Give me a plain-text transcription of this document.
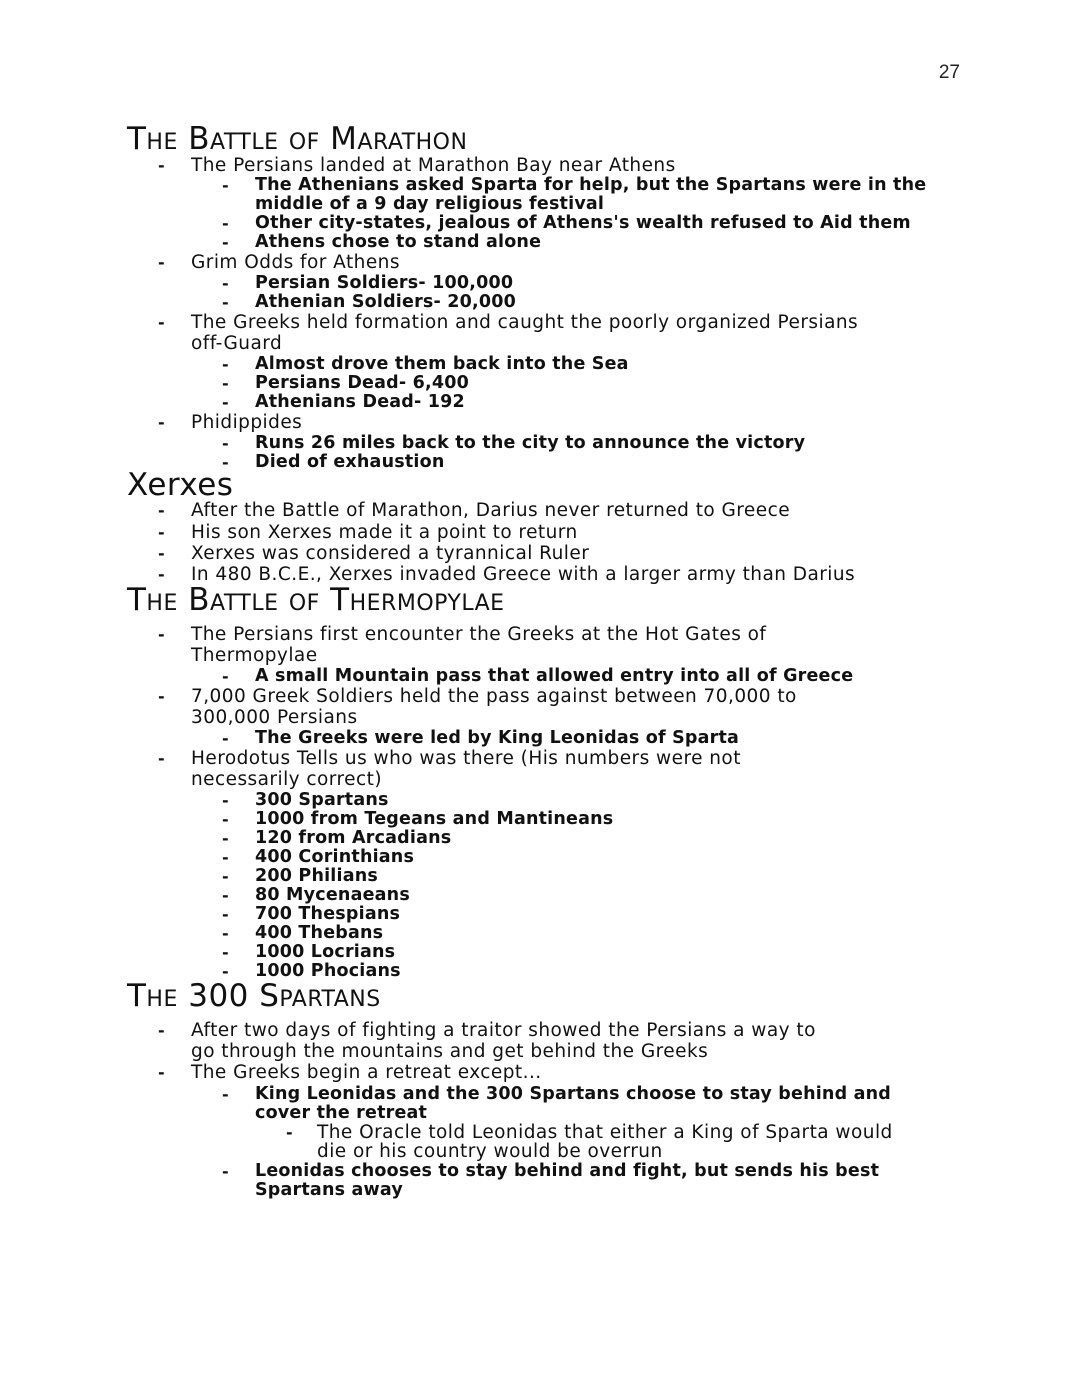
27
The Battle of Marathon
- The Persians landed at Marathon Bay near Athens
- The Athenians asked Sparta for help, but the Spartans were in the
middle of a 9 day religious festival
- Other city-states, jealous of Athens's wealth refused to Aid them
- Athens chose to stand alone
- Grim Odds for Athens
- Persian Soldiers- 100,000
- Athenian Soldiers- 20,000
- The Greeks held formation and caught the poorly organized Persians
off-Guard
- Almost drove them back into the Sea
- Persians Dead- 6,400
- Athenians Dead- 192
- Phidippides
- Runs 26 miles back to the city to announce the victory
- Died of exhaustion
Xerxes
- After the Battle of Marathon, Darius never returned to Greece
- His son Xerxes made it a point to return
- Xerxes was considered a tyrannical Ruler
- In 480 B.C.E., Xerxes invaded Greece with a larger army than Darius
The Battle of Thermopylae
- The Persians first encounter the Greeks at the Hot Gates of
Thermopylae
- A small Mountain pass that allowed entry into all of Greece
- 7,000 Greek Soldiers held the pass against between 70,000 to
300,000 Persians
- The Greeks were led by King Leonidas of Sparta
- Herodotus Tells us who was there (His numbers were not
necessarily correct)
- 300 Spartans
- 1000 from Tegeans and Mantineans
- 120 from Arcadians
- 400 Corinthians
- 200 Philians
- 80 Mycenaeans
- 700 Thespians
- 400 Thebans
- 1000 Locrians
- 1000 Phocians
The 300 Spartans
- After two days of fighting a traitor showed the Persians a way to
go through the mountains and get behind the Greeks
- The Greeks begin a retreat except...
- King Leonidas and the 300 Spartans choose to stay behind and
cover the retreat
- The Oracle told Leonidas that either a King of Sparta would
die or his country would be overrun
- Leonidas chooses to stay behind and fight, but sends his best
Spartans away
